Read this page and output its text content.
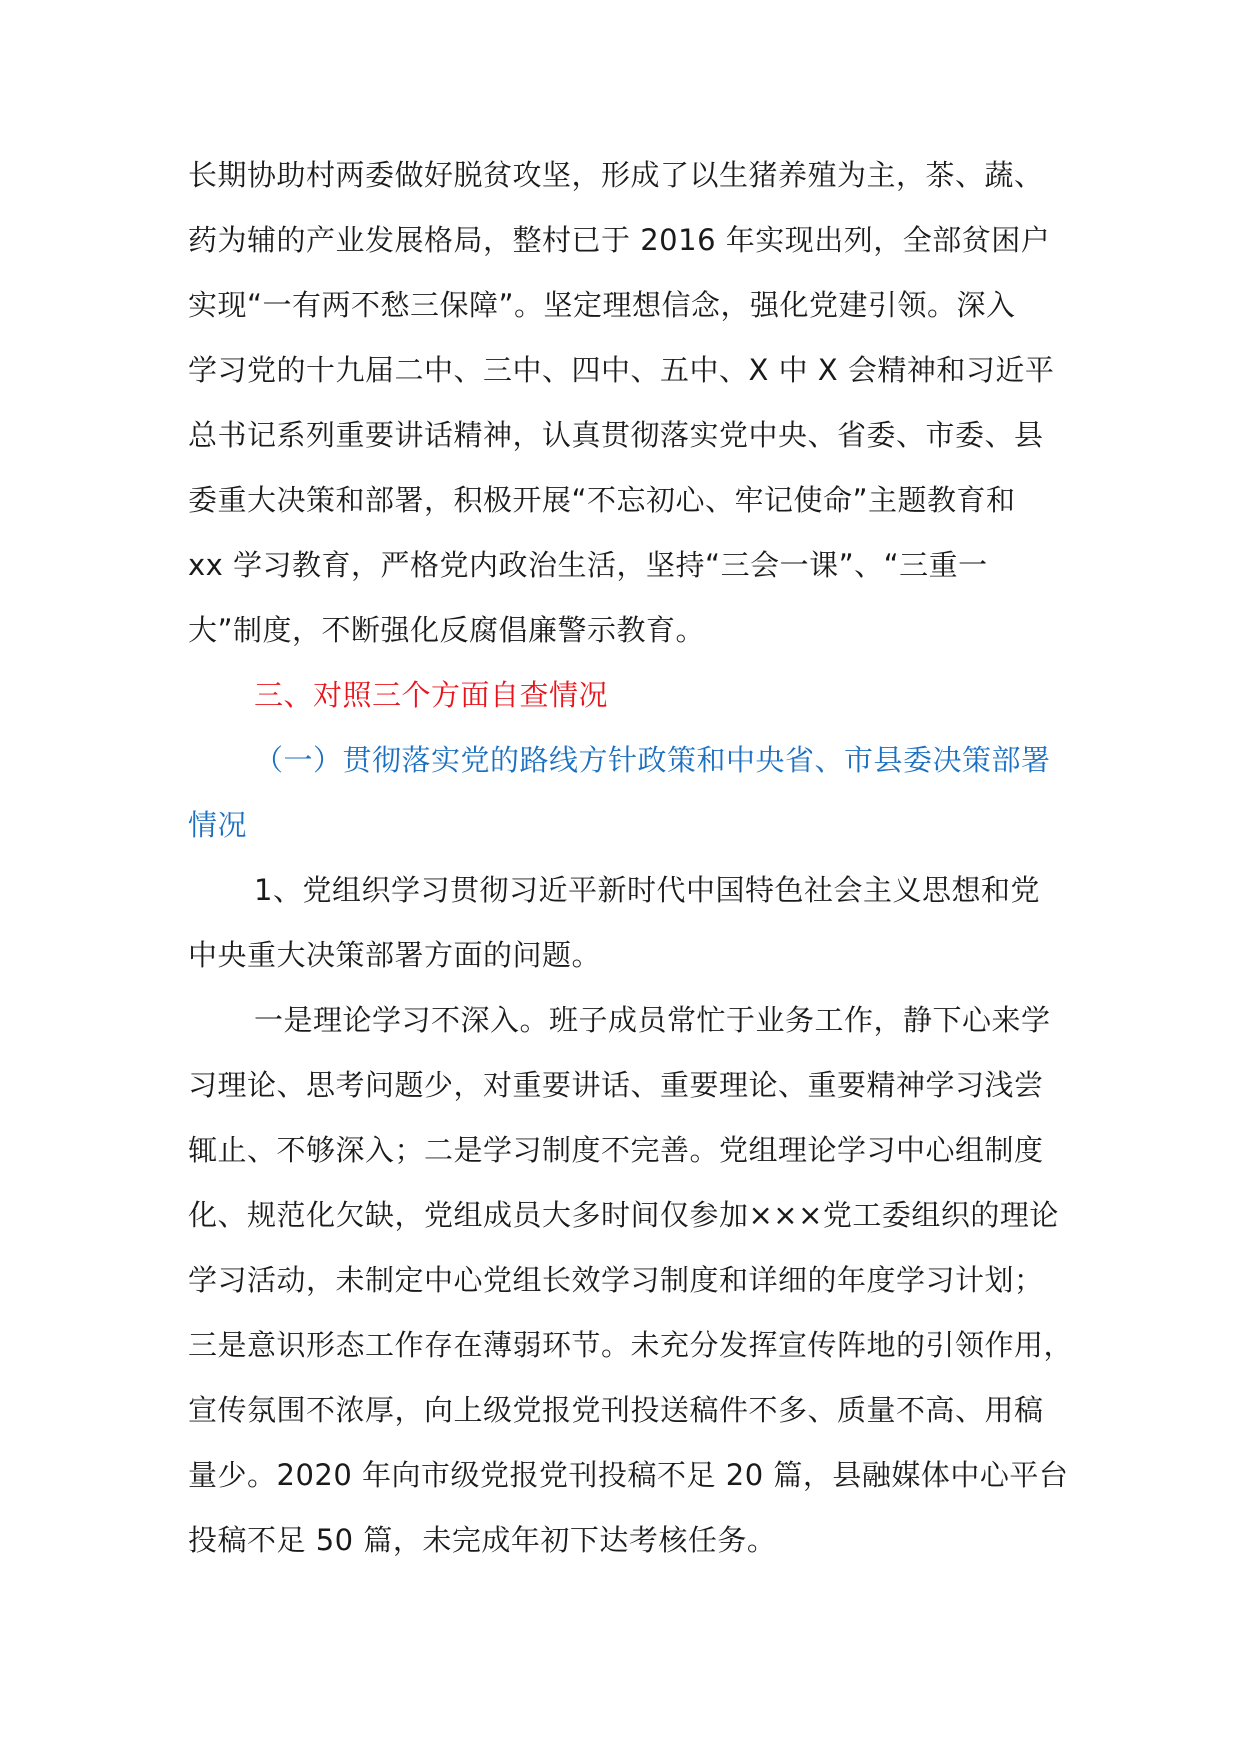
长期协助村两委做好脱贫攻坚，形成了以生猪养殖为主，茶、蔬、
药为辅的产业发展格局，整村已于 2016 年实现出列，全部贫困户
实现“一有两不愁三保障”。坚定理想信念，强化党建引领。深入
学习党的十九届二中、三中、四中、五中、X 中 X 会精神和习近平
总书记系列重要讲话精神，认真贯彻落实党中央、省委、市委、县
委重大决策和部署，积极开展“不忘初心、牢记使命”主题教育和
xx 学习教育，严格党内政治生活，坚持“三会一课”、“三重一
大”制度，不断强化反腐倡廉警示教育。
三、对照三个方面自查情况
（一）贯彻落实党的路线方针政策和中央省、市县委决策部署
情况
1、党组织学习贯彻习近平新时代中国特色社会主义思想和党
中央重大决策部署方面的问题。
一是理论学习不深入。班子成员常忙于业务工作，静下心来学
习理论、思考问题少，对重要讲话、重要理论、重要精神学习浅尝
辄止、不够深入；二是学习制度不完善。党组理论学习中心组制度
化、规范化欠缺，党组成员大多时间仅参加×××党工委组织的理论
学习活动，未制定中心党组长效学习制度和详细的年度学习计划；
三是意识形态工作存在薄弱环节。未充分发挥宣传阵地的引领作用，
宣传氛围不浓厚，向上级党报党刊投送稿件不多、质量不高、用稿
量少。2020 年向市级党报党刊投稿不足 20 篇，县融媒体中心平台
投稿不足 50 篇，未完成年初下达考核任务。
